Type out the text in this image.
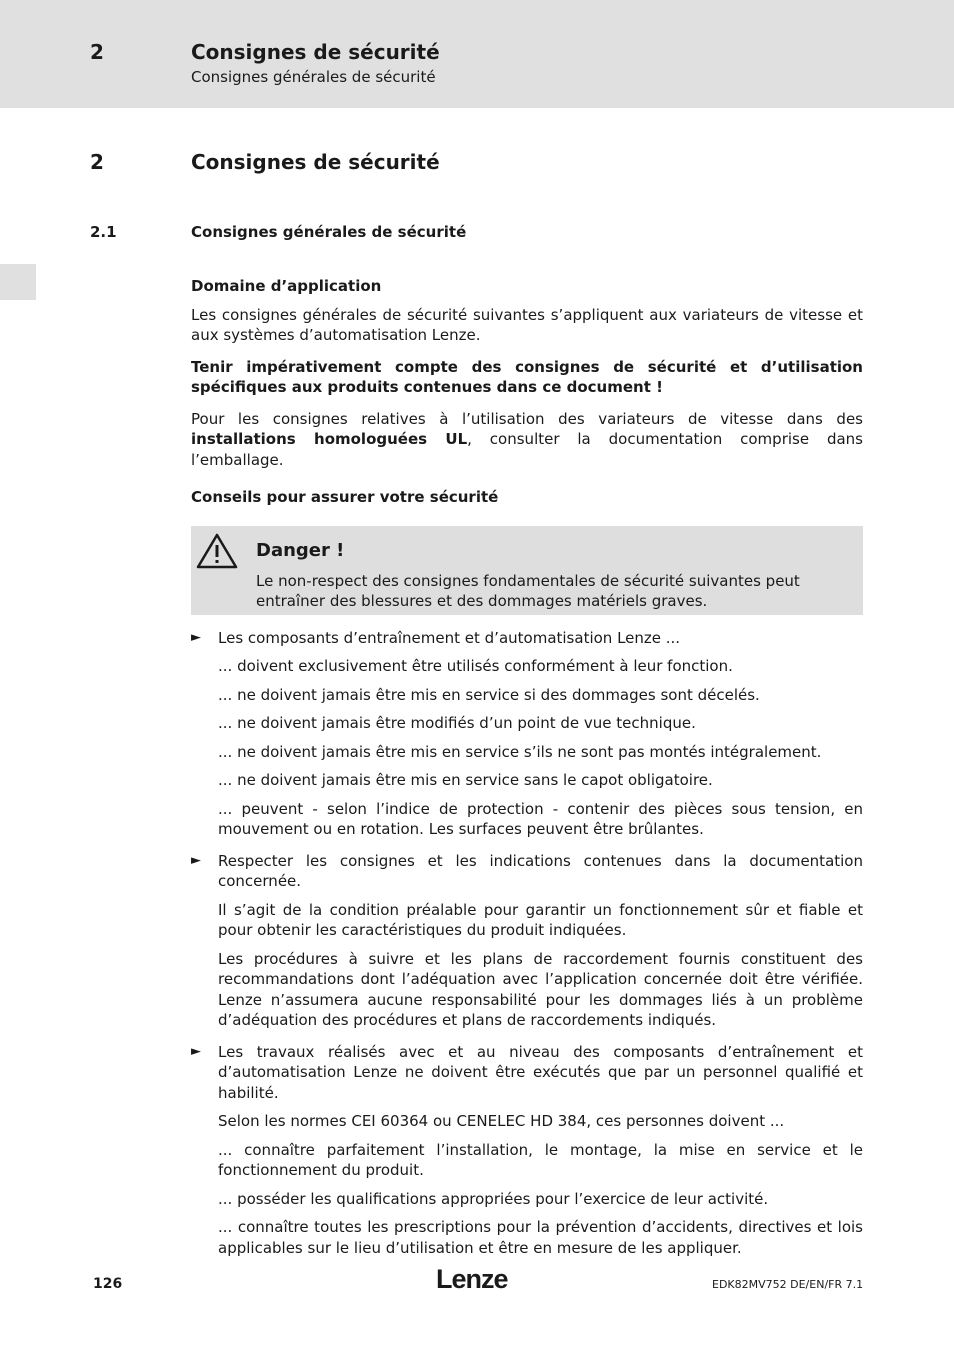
2	Consignes de sécurité
Consignes générales de sécurité
2	Consignes de sécurité
2.1	Consignes générales de sécurité
Domaine d’application

Les consignes générales de sécurité suivantes s’appliquent aux variateurs de vitesse et aux systèmes d’automatisation Lenze.

Tenir impérativement compte des consignes de sécurité et d’utilisation spécifiques aux produits contenues dans ce document !

Pour les consignes relatives à l’utilisation des variateurs de vitesse dans des installations homologuées UL, consulter la documentation comprise dans l’emballage.

Conseils pour assurer votre sécurité
Danger !
Le non-respect des consignes fondamentales de sécurité suivantes peut entraîner des blessures et des dommages matériels graves.
► Les composants d’entraînement et d’automatisation Lenze ...

... doivent exclusivement être utilisés conformément à leur fonction.

... ne doivent jamais être mis en service si des dommages sont décelés.

... ne doivent jamais être modifiés d’un point de vue technique.

... ne doivent jamais être mis en service s’ils ne sont pas montés intégralement.

... ne doivent jamais être mis en service sans le capot obligatoire.

... peuvent - selon l’indice de protection - contenir des pièces sous tension, en mouvement ou en rotation. Les surfaces peuvent être brûlantes.

► Respecter les consignes et les indications contenues dans la documentation concernée.

Il s’agit de la condition préalable pour garantir un fonctionnement sûr et fiable et pour obtenir les caractéristiques du produit indiquées.

Les procédures à suivre et les plans de raccordement fournis constituent des recommandations dont l’adéquation avec l’application concernée doit être vérifiée. Lenze n’assumera aucune responsabilité pour les dommages liés à un problème d’adéquation des procédures et plans de raccordements indiqués.

► Les travaux réalisés avec et au niveau des composants d’entraînement et d’automatisation Lenze ne doivent être exécutés que par un personnel qualifié et habilité.

Selon les normes CEI 60364 ou CENELEC HD 384, ces personnes doivent ...

... connaître parfaitement l’installation, le montage, la mise en service et le fonctionnement du produit.

... posséder les qualifications appropriées pour l’exercice de leur activité.

... connaître toutes les prescriptions pour la prévention d’accidents, directives et lois applicables sur le lieu d’utilisation et être en mesure de les appliquer.

126	Lenze	EDK82MV752 DE/EN/FR 7.1
